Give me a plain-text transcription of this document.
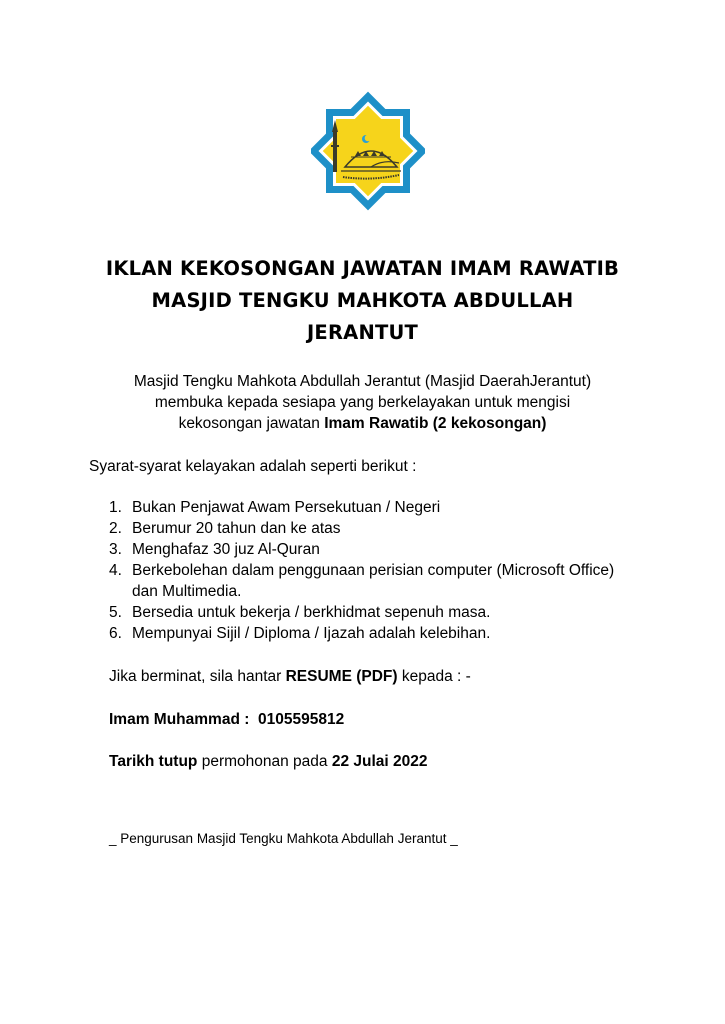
IKLAN KEKOSONGAN JAWATAN IMAM RAWATIB
MASJID TENGKU MAHKOTA ABDULLAH
JERANTUT
Masjid Tengku Mahkota Abdullah Jerantut (Masjid DaerahJerantut)
membuka kepada sesiapa yang berkelayakan untuk mengisi
kekosongan jawatan Imam Rawatib (2 kekosongan)
Syarat-syarat kelayakan adalah seperti berikut :
1. Bukan Penjawat Awam Persekutuan / Negeri
2. Berumur 20 tahun dan ke atas
3. Menghafaz 30 juz Al-Quran
4. Berkebolehan dalam penggunaan perisian computer (Microsoft Office) dan Multimedia.
5. Bersedia untuk bekerja / berkhidmat sepenuh masa.
6. Mempunyai Sijil / Diploma / Ijazah adalah kelebihan.
Jika berminat, sila hantar RESUME (PDF) kepada : -
Imam Muhammad :  0105595812
Tarikh tutup permohonan pada 22 Julai 2022
_ Pengurusan Masjid Tengku Mahkota Abdullah Jerantut _
